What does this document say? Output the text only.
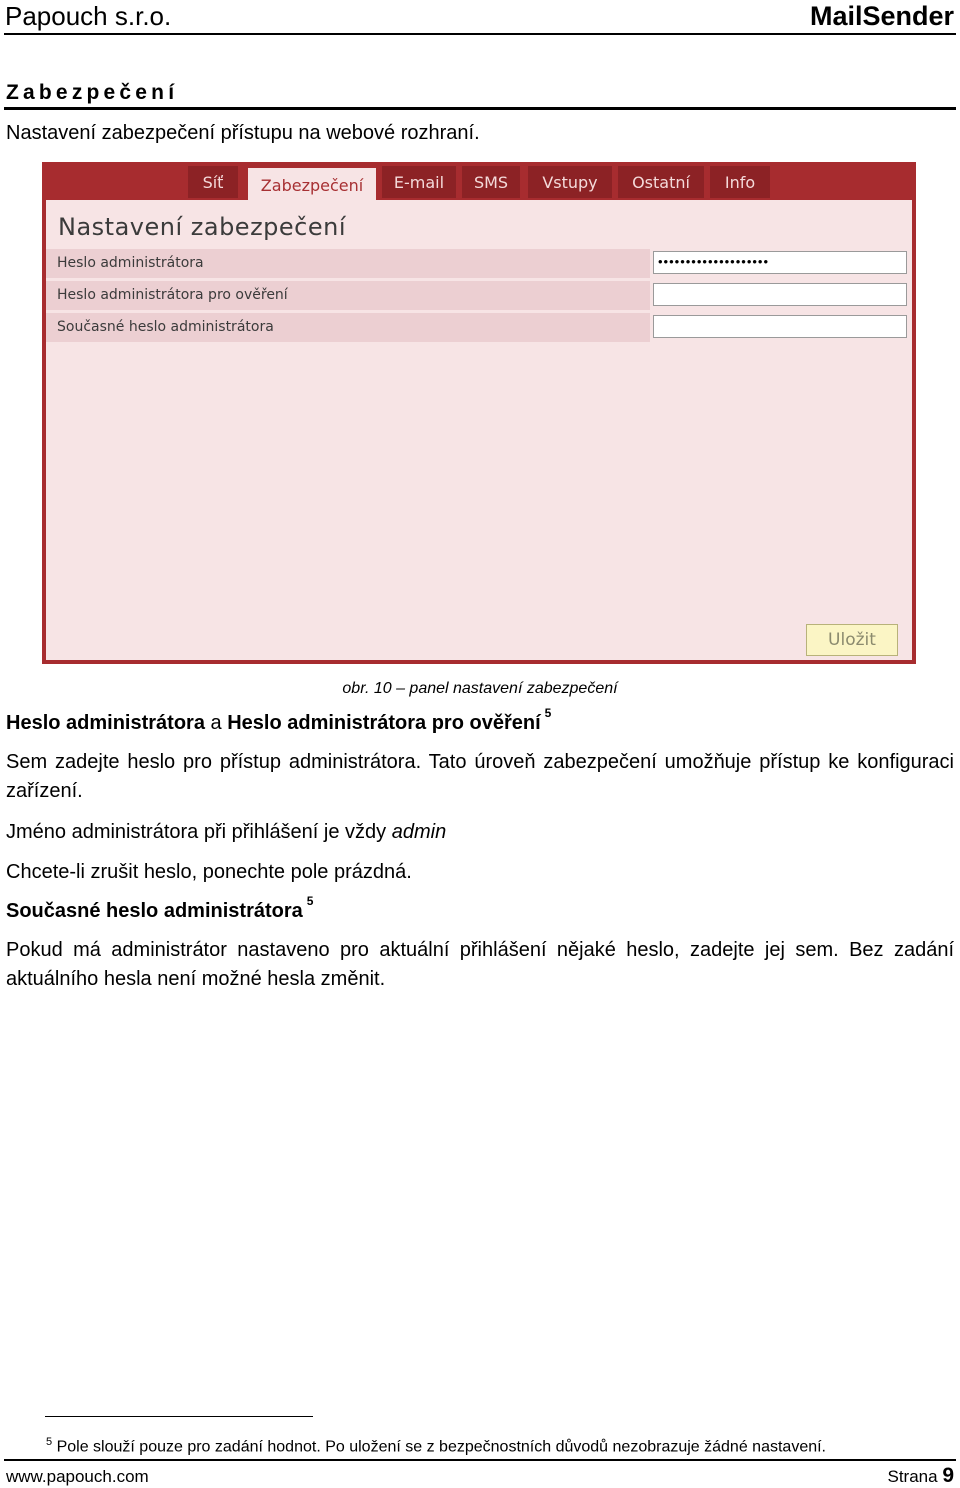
Papouch s.r.o.	MailSender
Zabezpečení
Nastavení zabezpečení přístupu na webové rozhraní.
Síť	Zabezpečení	E-mail	SMS	Vstupy	Ostatní	Info
Nastavení zabezpečení
Heslo administrátora	••••••••••••••••••••
Heslo administrátora pro ověření
Současné heslo administrátora
Uložit
obr. 10 – panel nastavení zabezpečení
Heslo administrátora a Heslo administrátora pro ověření $^5$
Sem zadejte heslo pro přístup administrátora. Tato úroveň zabezpečení umožňuje přístup ke konfiguraci zařízení.
Jméno administrátora při přihlášení je vždy admin
Chcete-li zrušit heslo, ponechte pole prázdná.
Současné heslo administrátora $^5$
Pokud má administrátor nastaveno pro aktuální přihlášení nějaké heslo, zadejte jej sem. Bez zadání aktuálního hesla není možné hesla změnit.
$^5$ Pole slouží pouze pro zadání hodnot. Po uložení se z bezpečnostních důvodů nezobrazuje žádné nastavení.
www.papouch.com	Strana 9
